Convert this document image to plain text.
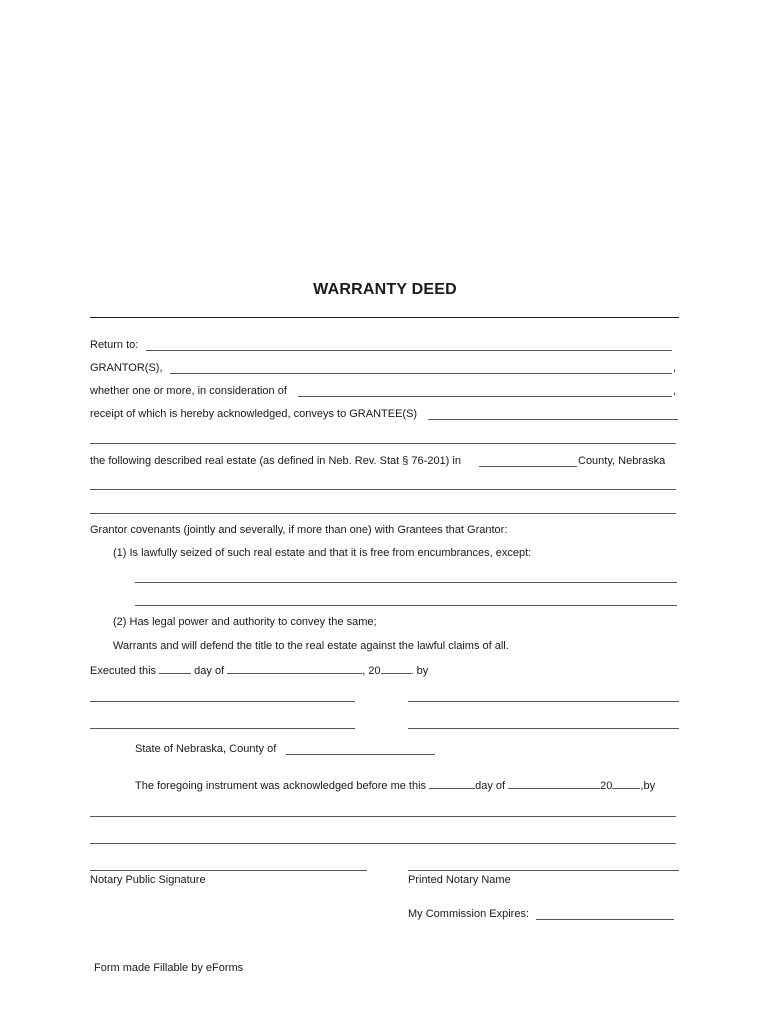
WARRANTY DEED
Return to:
GRANTOR(S),	,
whether one or more, in consideration of	,
receipt of which is hereby acknowledged, conveys to GRANTEE(S)
the following described real estate (as defined in Neb. Rev. Stat § 76-201) in	County, Nebraska
Grantor covenants (jointly and severally, if more than one) with Grantees that Grantor:
(1) Is lawfully seized of such real estate and that it is free from encumbrances, except:
(2) Has legal power and authority to convey the same;
Warrants and will defend the title to the real estate against the lawful claims of all.
Executed this	day of	, 20	. by
State of Nebraska, County of
The foregoing instrument was acknowledged before me this	day of	20	,by
Notary Public Signature	Printed Notary Name
My Commission Expires:
Form made Fillable by eForms
